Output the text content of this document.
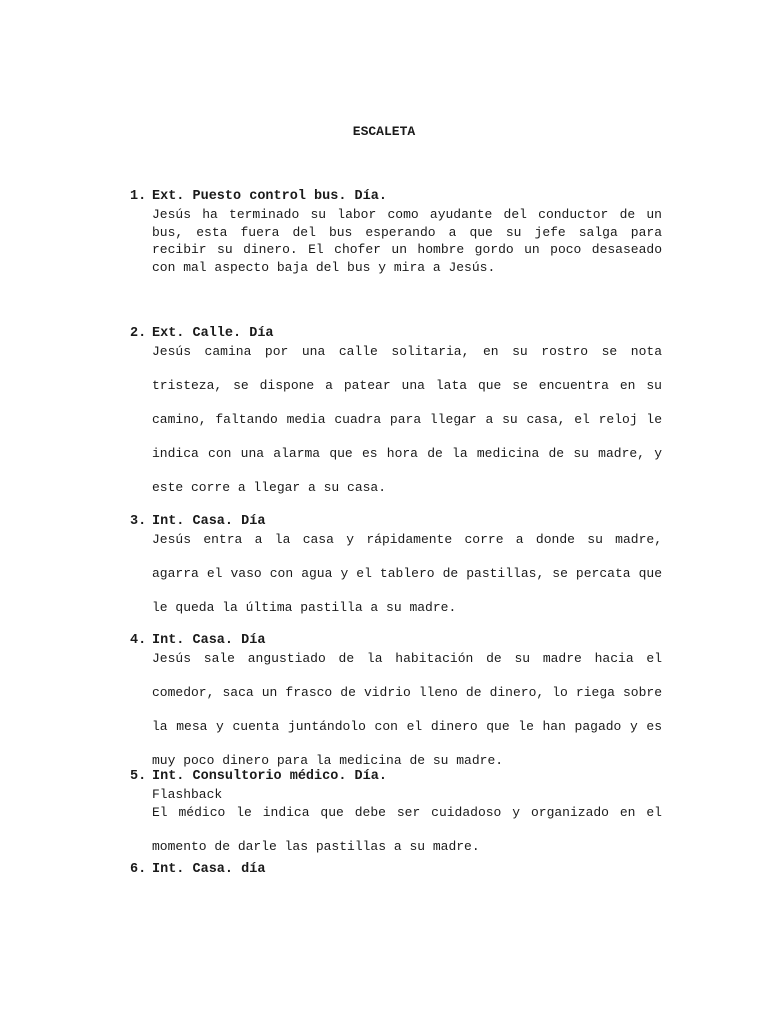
ESCALETA
1. Ext. Puesto control bus. Día.

Jesús ha terminado su labor como ayudante del conductor de un bus, esta fuera del bus esperando a que su jefe salga para recibir su dinero. El chofer un hombre gordo un poco desaseado con mal aspecto baja del bus y mira a Jesús.

2. Ext. Calle. Día

Jesús camina por una calle solitaria, en su rostro se nota tristeza, se dispone a patear una lata que se encuentra en su camino, faltando media cuadra para llegar a su casa, el reloj le indica con una alarma que es hora de la medicina de su madre, y este corre a llegar a su casa.

3. Int. Casa. Día

Jesús entra a la casa y rápidamente corre a donde su madre, agarra el vaso con agua y el tablero de pastillas, se percata que le queda la última pastilla a su madre.

4. Int. Casa. Día

Jesús sale angustiado de la habitación de su madre hacia el comedor, saca un frasco de vidrio lleno de dinero, lo riega sobre la mesa y cuenta juntándolo con el dinero que le han pagado y es muy poco dinero para la medicina de su madre.

5. Int. Consultorio médico. Día.

Flashback

El médico le indica que debe ser cuidadoso y organizado en el momento de darle las pastillas a su madre.

6. Int. Casa. día
